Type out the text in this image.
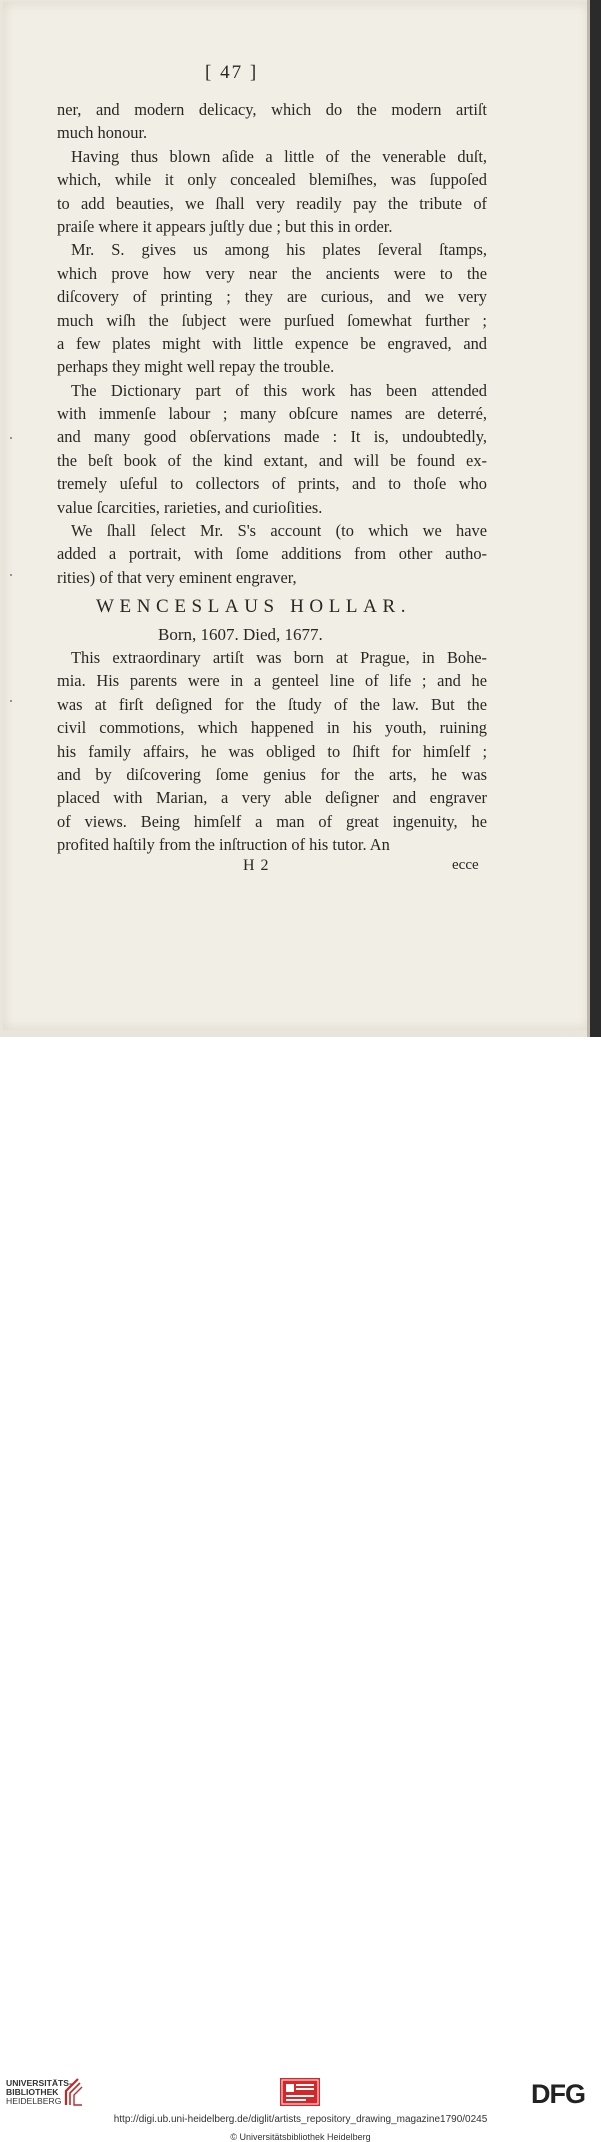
[ 47 ]
ner, and modern delicacy, which do the modern artiſt
much honour.
Having thus blown aſide a little of the venerable duſt,
which, while it only concealed blemiſhes, was ſuppoſed
to add beauties, we ſhall very readily pay the tribute of
praiſe where it appears juſtly due ; but this in order.
Mr. S. gives us among his plates ſeveral ſtamps,
which prove how very near the ancients were to the
diſcovery of printing ; they are curious, and we very
much wiſh the ſubject were purſued ſomewhat further ;
a few plates might with little expence be engraved, and
perhaps they might well repay the trouble.
The Dictionary part of this work has been attended
with immenſe labour ; many obſcure names are deterré,
and many good obſervations made : It is, undoubtedly,
the beſt book of the kind extant, and will be found ex-
tremely uſeful to collectors of prints, and to thoſe who
value ſcarcities, rarieties, and curioſities.
We ſhall ſelect Mr. S's account (to which we have
added a portrait, with ſome additions from other autho-
rities) of that very eminent engraver,
WENCESLAUS HOLLAR.
Born, 1607. Died, 1677.
This extraordinary artiſt was born at Prague, in Bohe-
mia. His parents were in a genteel line of life ; and he
was at firſt deſigned for the ſtudy of the law. But the
civil commotions, which happened in his youth, ruining
his family affairs, he was obliged to ſhift for himſelf ;
and by diſcovering ſome genius for the arts, he was
placed with Marian, a very able deſigner and engraver
of views. Being himſelf a man of great ingenuity, he
profited haſtily from the inſtruction of his tutor. An
H 2	ecce
UNIVERSITÄTS-
BIBLIOTHEK
HEIDELBERG	DFG
http://digi.ub.uni-heidelberg.de/diglit/artists_repository_drawing_magazine1790/0245
© Universitätsbibliothek Heidelberg
